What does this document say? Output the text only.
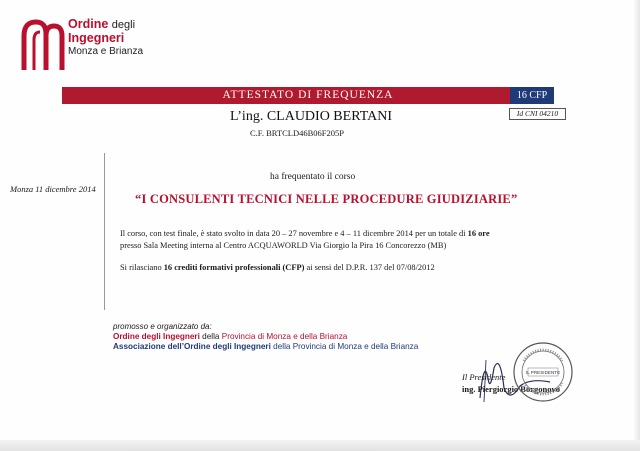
Ordine degli
Ingegneri
Monza e Brianza
ATTESTATO DI FREQUENZA	16 CFP
Id CNI 04210
L’ing. CLAUDIO BERTANI
C.F. BRTCLD46B06F205P
Monza 11 dicembre 2014
ha frequentato il corso
“I CONSULENTI TECNICI NELLE PROCEDURE GIUDIZIARIE”
Il corso, con test finale, è stato svolto in data 20 – 27 novembre e 4 – 11 dicembre 2014 per un totale di 16 ore
presso Sala Meeting interna al Centro ACQUAWORLD Via Giorgio la Pira 16 Concorezzo (MB)
Si rilasciano 16 crediti formativi professionali (CFP) ai sensi del D.P.R. 137 del 07/08/2012
promosso e organizzato da:
Ordine degli Ingegneri della Provincia di Monza e della Brianza
Associazione dell’Ordine degli Ingegneri della Provincia di Monza e della Brianza
Il Presidente
ing. Piergiorgio Borgonovo
IL PRESIDENTE
